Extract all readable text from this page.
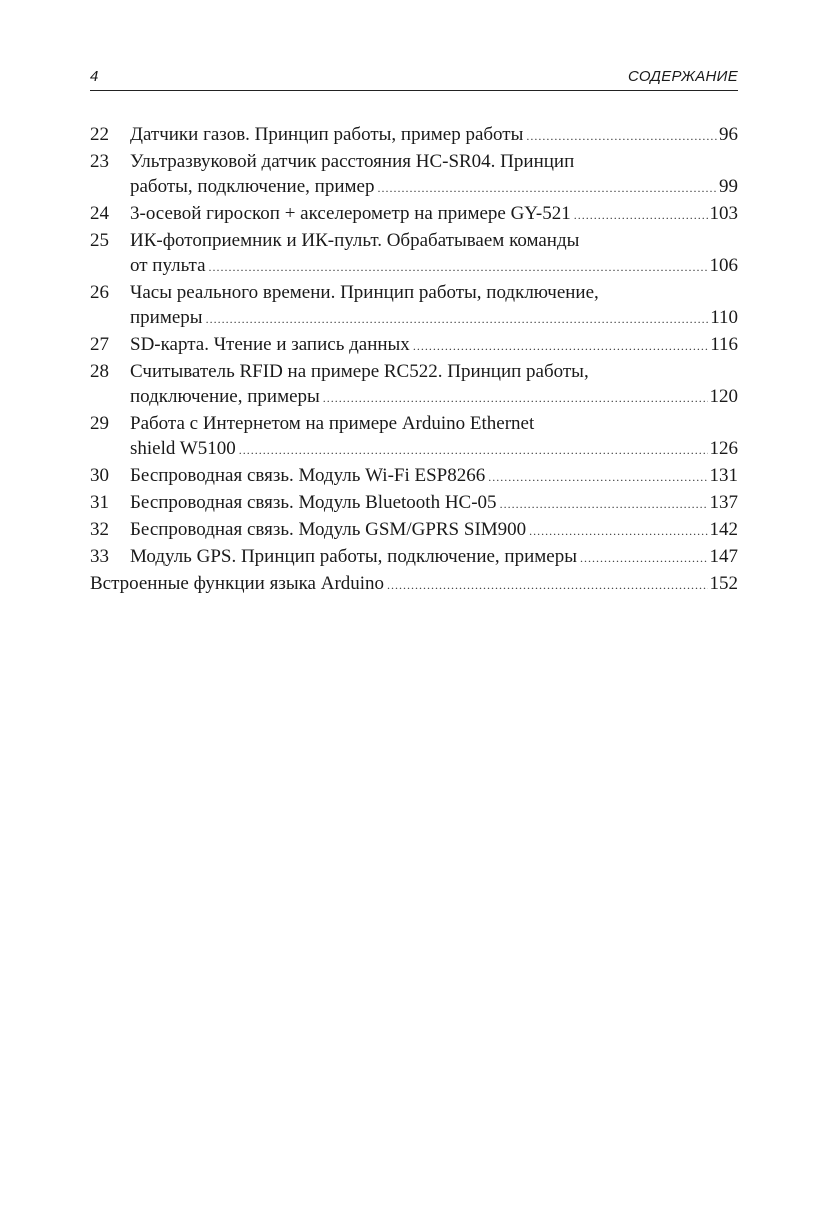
4	СОДЕРЖАНИЕ
22 Датчики газов. Принцип работы, пример работы .....	96
23 Ультразвуковой датчик расстояния HC-SR04. Принцип
работы, подключение, пример .....	99
24 3-осевой гироскоп + акселерометр на примере GY-521 .....	103
25 ИК-фотоприемник и ИК-пульт. Обрабатываем команды
от пульта .....	106
26 Часы реального времени. Принцип работы, подключение,
примеры .....	110
27 SD-карта. Чтение и запись данных .....	116
28 Считыватель RFID на примере RC522. Принцип работы,
подключение, примеры .....	120
29 Работа с Интернетом на примере Arduino Ethernet
shield W5100 .....	126
30 Беспроводная связь. Модуль Wi-Fi ESP8266 .....	131
31 Беспроводная связь. Модуль Bluetooth HC-05 .....	137
32 Беспроводная связь. Модуль GSM/GPRS SIM900 .....	142
33 Модуль GPS. Принцип работы, подключение, примеры .....	147
Встроенные функции языка Arduino .....	152
